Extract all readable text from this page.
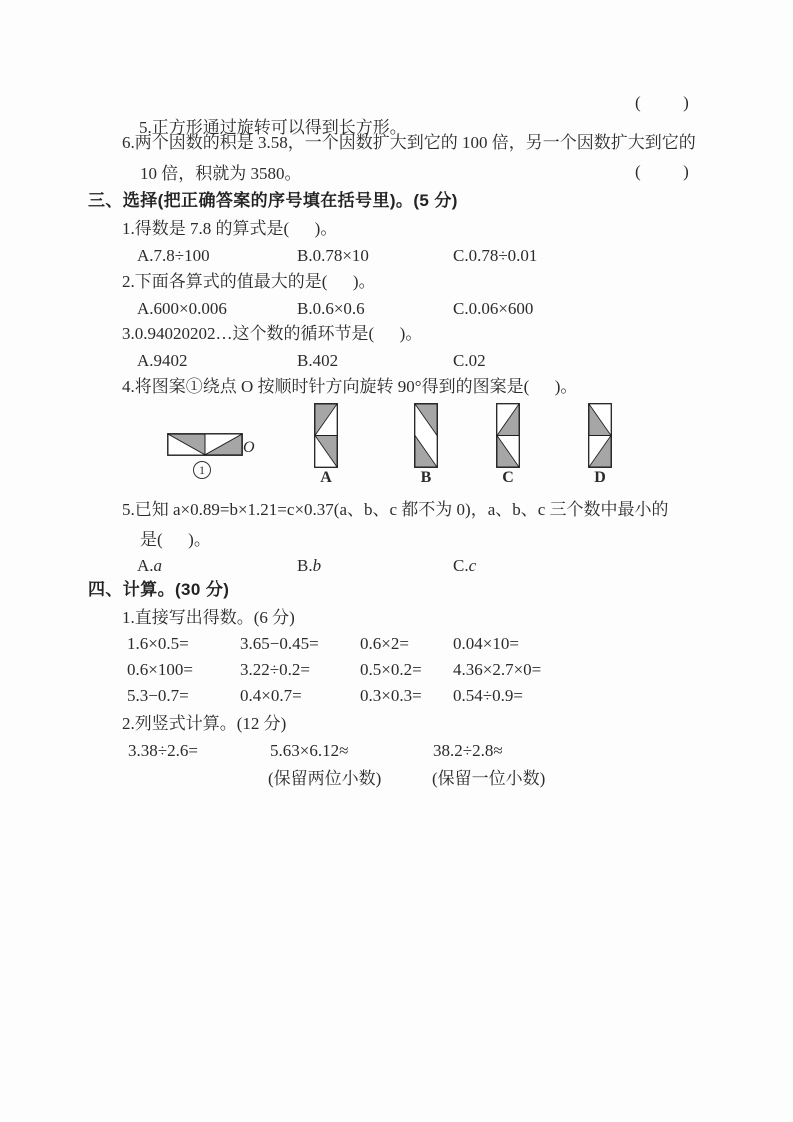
5.正方形通过旋转可以得到长方形。

(          )
6.两个因数的积是 3.58，一个因数扩大到它的 100 倍，另一个因数扩大到它的
10 倍，积就为 3580。	(          )
三、选择(把正确答案的序号填在括号里)。(5 分)
1.得数是 7.8 的算式是(      )。
A.7.8÷100	B.0.78×10	C.0.78÷0.01
2.下面各算式的值最大的是(      )。
A.600×0.006	B.0.6×0.6	C.0.06×600
3.0.94020202…这个数的循环节是(      )。
A.9402	B.402	C.02
4.将图案①绕点 O 按顺时针方向旋转 90°得到的图案是(      )。
O
1	A	B	C	D
5.已知 a×0.89=b×1.21=c×0.37(a、b、c 都不为 0)，a、b、c 三个数中最小的
是(      )。
A.a	B.b	C.c
四、计算。(30 分)
1.直接写出得数。(6 分)
1.6×0.5=	3.65−0.45=	0.6×2=	0.04×10=
0.6×100=	3.22÷0.2=	0.5×0.2=	4.36×2.7×0=
5.3−0.7=	0.4×0.7=	0.3×0.3=	0.54÷0.9=
2.列竖式计算。(12 分)
3.38÷2.6=	5.63×6.12≈	38.2÷2.8≈
(保留两位小数)	(保留一位小数)
